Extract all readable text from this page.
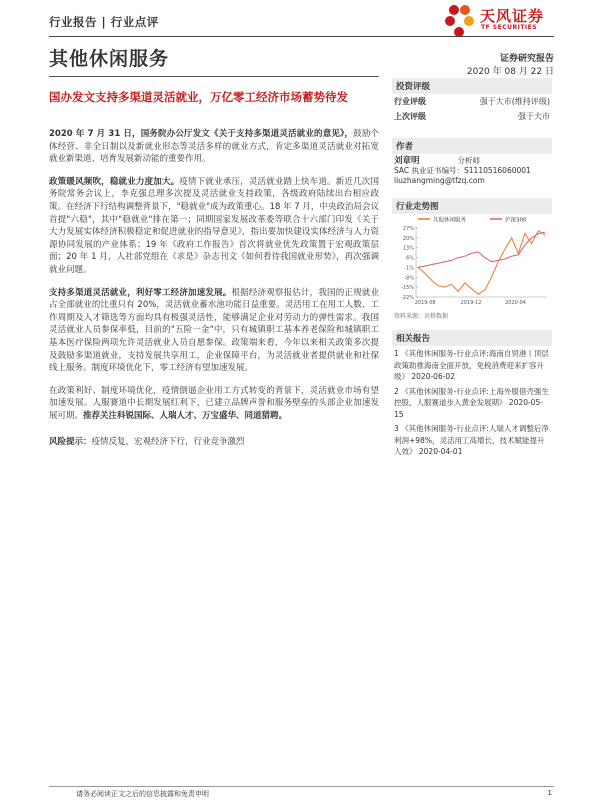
行业报告 | 行业点评	天风证券
TF SECURITIES
其他休闲服务	证券研究报告
2020 年 08 月 22 日
国办发文支持多渠道灵活就业，万亿零工经济市场蓄势待发

2020 年 7 月 31 日，国务院办公厅发文《关于支持多渠道灵活就业的意见》，鼓励个体经营、非全日制以及新就业形态等灵活多样的就业方式，肯定多渠道灵活就业对拓宽就业新渠道、培育发展新动能的重要作用。

政策暖风频吹，稳就业力度加大。疫情下就业承压，灵活就业踏上快车道。新近几次国务院常务会议上，李克强总理多次提及灵活就业支持政策，各级政府陆续出台相应政策。在经济下行结构调整背景下，"稳就业"成为政策重心。18 年 7 月，中央政治局会议首提"六稳"，其中"稳就业"排在第一；同期国家发展改革委等联合十六部门印发《关于大力发展实体经济积极稳定和促进就业的指导意见》，指出要加快建设实体经济与人力资源协同发展的产业体系；19 年《政府工作报告》首次将就业优先政策置于宏观政策层面；20 年 1 月，人社部党组在《求是》杂志刊文《如何看待我国就业形势》，再次强调就业问题。

支持多渠道灵活就业，利好零工经济加速发展。根据经济观察报估计，我国的正规就业占全部就业的比重只有 20%，灵活就业蓄水池功能日益重要。灵活用工在用工人数、工作周期及人才筛选等方面均具有极强灵活性，能够满足企业对劳动力的弹性需求。我国灵活就业人员参保率低，目前的"五险一金"中，只有城镇职工基本养老保险和城镇职工基本医疗保险两项允许灵活就业人员自愿参保。政策端来看，今年以来相关政策多次提及鼓励多渠道就业，支持发展共享用工，企业保障平台，为灵活就业者提供就业和社保线上服务。制度环境优化下，零工经济有望加速发展。

在政策利好、制度环境优化，疫情倒逼企业用工方式转变的背景下，灵活就业市场有望加速发展。人服赛道中长期发展红利下，已建立品牌声誉和服务壁垒的头部企业加速发展可期。推荐关注科锐国际、人瑞人才、万宝盛华、同道猎聘。

风险提示：疫情反复，宏观经济下行，行业竞争激烈

投资评级
行业评级	强于大市(维持评级)
上次评级	强于大市
作者
刘章明	分析师
SAC 执业证书编号：S1110516060001
liuzhangming@tfzq.com
行业走势图
其他休闲服务	沪深300
27%
20%
13%
6%
-1%
-8%
-15%
-22%
2019-08	2019-12	2020-04
资料来源：贝格数据
相关报告
1 《其他休闲服务-行业点评:海南自贸港丨顶层政策助推海南全面开放，免税消费迎来扩容升级》 2020-06-02
2 《其他休闲服务-行业点评:上海外服借壳强生控股，人服赛道步入黄金发展期》 2020-05-15
3 《其他休闲服务-行业点评:人瑞人才调整后净利润+98%，灵活用工高增长，技术赋能提升人效》 2020-04-01
请务必阅读正文之后的信息披露和免责申明	1
